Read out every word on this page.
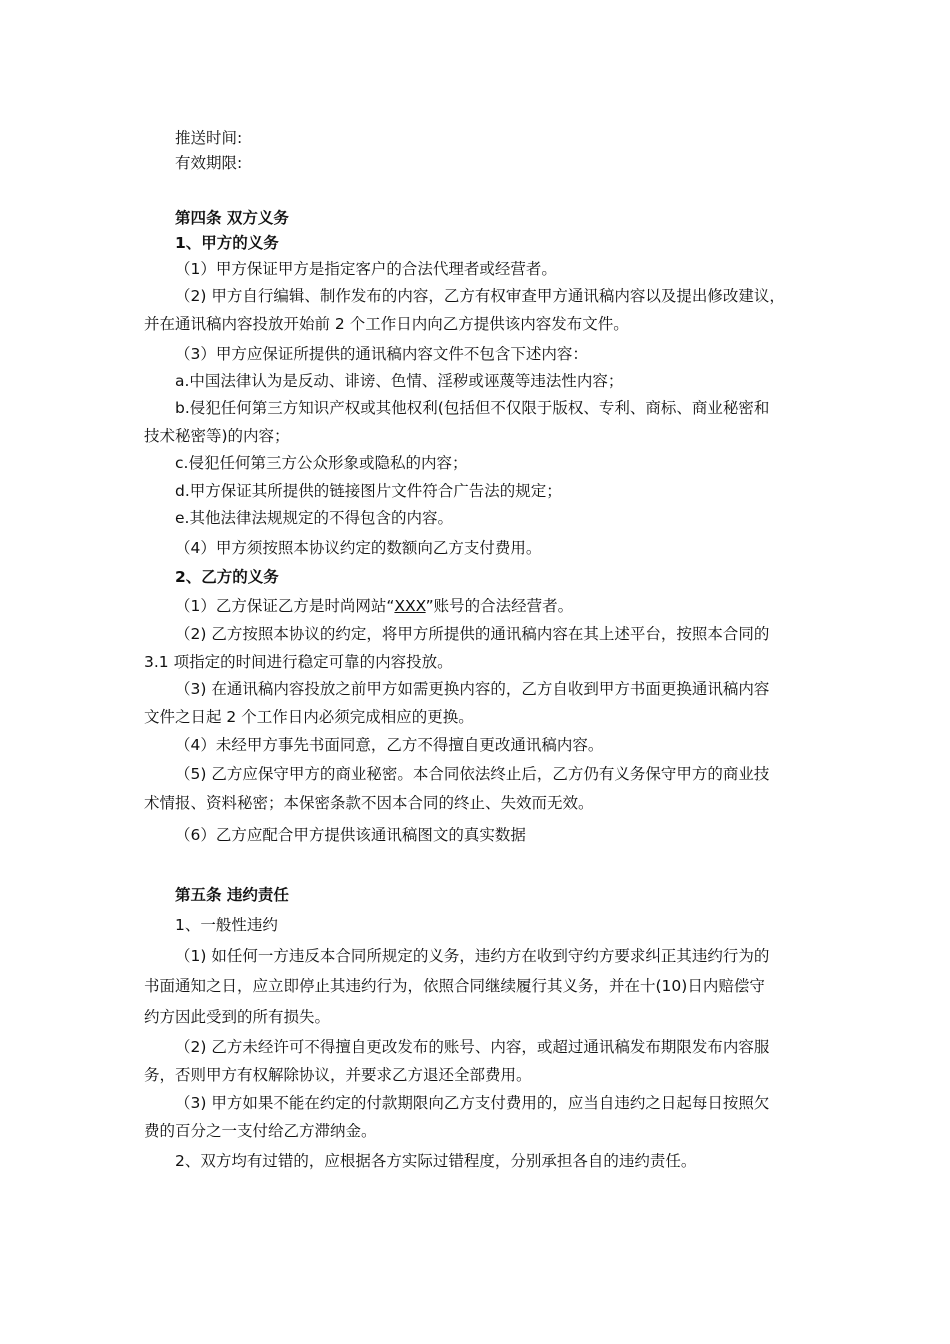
推送时间:
有效期限:
第四条 双方义务
1、甲方的义务
（1）甲方保证甲方是指定客户的合法代理者或经营者。
（2) 甲方自行编辑、制作发布的内容，乙方有权审查甲方通讯稿内容以及提出修改建议，
并在通讯稿内容投放开始前 2 个工作日内向乙方提供该内容发布文件。
（3）甲方应保证所提供的通讯稿内容文件不包含下述内容：
a.中国法律认为是反动、诽谤、色情、淫秽或诬蔑等违法性内容；
b.侵犯任何第三方知识产权或其他权利(包括但不仅限于版权、专利、商标、商业秘密和
技术秘密等)的内容；
c.侵犯任何第三方公众形象或隐私的内容；
d.甲方保证其所提供的链接图片文件符合广告法的规定；
e.其他法律法规规定的不得包含的内容。
（4）甲方须按照本协议约定的数额向乙方支付费用。
2、乙方的义务
（1）乙方保证乙方是时尚网站“XXX”账号的合法经营者。
（2) 乙方按照本协议的约定，将甲方所提供的通讯稿内容在其上述平台，按照本合同的
3.1 项指定的时间进行稳定可靠的内容投放。
（3) 在通讯稿内容投放之前甲方如需更换内容的，乙方自收到甲方书面更换通讯稿内容
文件之日起 2 个工作日内必须完成相应的更换。
（4）未经甲方事先书面同意，乙方不得擅自更改通讯稿内容。
（5) 乙方应保守甲方的商业秘密。本合同依法终止后，乙方仍有义务保守甲方的商业技
术情报、资料秘密；本保密条款不因本合同的终止、失效而无效。
（6）乙方应配合甲方提供该通讯稿图文的真实数据
第五条 违约责任
1、一般性违约
（1) 如任何一方违反本合同所规定的义务，违约方在收到守约方要求纠正其违约行为的
书面通知之日，应立即停止其违约行为，依照合同继续履行其义务，并在十(10)日内赔偿守
约方因此受到的所有损失。
（2) 乙方未经许可不得擅自更改发布的账号、内容，或超过通讯稿发布期限发布内容服
务，否则甲方有权解除协议，并要求乙方退还全部费用。
（3) 甲方如果不能在约定的付款期限向乙方支付费用的，应当自违约之日起每日按照欠
费的百分之一支付给乙方滞纳金。
2、双方均有过错的，应根据各方实际过错程度，分别承担各自的违约责任。
